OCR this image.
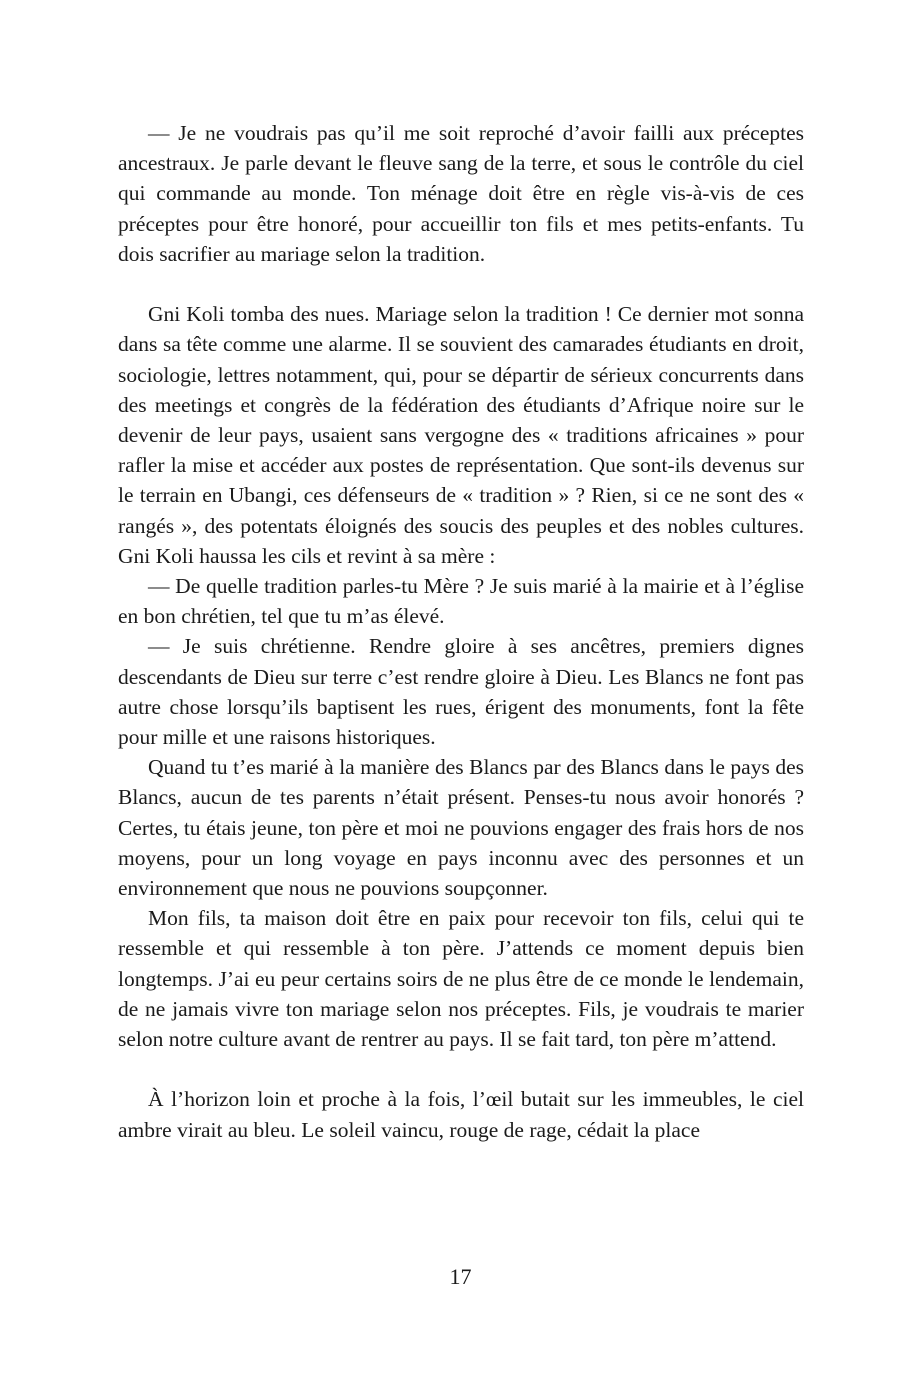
— Je ne voudrais pas qu’il me soit reproché d’avoir failli aux préceptes ancestraux. Je parle devant le fleuve sang de la terre, et sous le contrôle du ciel qui commande au monde. Ton ménage doit être en règle vis-à-vis de ces préceptes pour être honoré, pour accueillir ton fils et mes petits-enfants. Tu dois sacrifier au mariage selon la tradition.

Gni Koli tomba des nues. Mariage selon la tradition ! Ce dernier mot sonna dans sa tête comme une alarme. Il se souvient des camarades étudiants en droit, sociologie, lettres notamment, qui, pour se départir de sérieux concurrents dans des meetings et congrès de la fédération des étudiants d’Afrique noire sur le devenir de leur pays, usaient sans vergogne des « traditions africaines » pour rafler la mise et accéder aux postes de représentation. Que sont-ils devenus sur le terrain en Ubangi, ces défenseurs de « tradition » ? Rien, si ce ne sont des « rangés », des potentats éloignés des soucis des peuples et des nobles cultures. Gni Koli haussa les cils et revint à sa mère :

— De quelle tradition parles-tu Mère ? Je suis marié à la mairie et à l’église en bon chrétien, tel que tu m’as élevé.

— Je suis chrétienne. Rendre gloire à ses ancêtres, premiers dignes descendants de Dieu sur terre c’est rendre gloire à Dieu. Les Blancs ne font pas autre chose lorsqu’ils baptisent les rues, érigent des monuments, font la fête pour mille et une raisons historiques.

Quand tu t’es marié à la manière des Blancs par des Blancs dans le pays des Blancs, aucun de tes parents n’était présent. Penses-tu nous avoir honorés ? Certes, tu étais jeune, ton père et moi ne pouvions engager des frais hors de nos moyens, pour un long voyage en pays inconnu avec des personnes et un environnement que nous ne pouvions soupçonner.

Mon fils, ta maison doit être en paix pour recevoir ton fils, celui qui te ressemble et qui ressemble à ton père. J’attends ce moment depuis bien longtemps. J’ai eu peur certains soirs de ne plus être de ce monde le lendemain, de ne jamais vivre ton mariage selon nos préceptes. Fils, je voudrais te marier selon notre culture avant de rentrer au pays. Il se fait tard, ton père m’attend.

À l’horizon loin et proche à la fois, l’œil butait sur les immeubles, le ciel ambre virait au bleu. Le soleil vaincu, rouge de rage, cédait la place

17
